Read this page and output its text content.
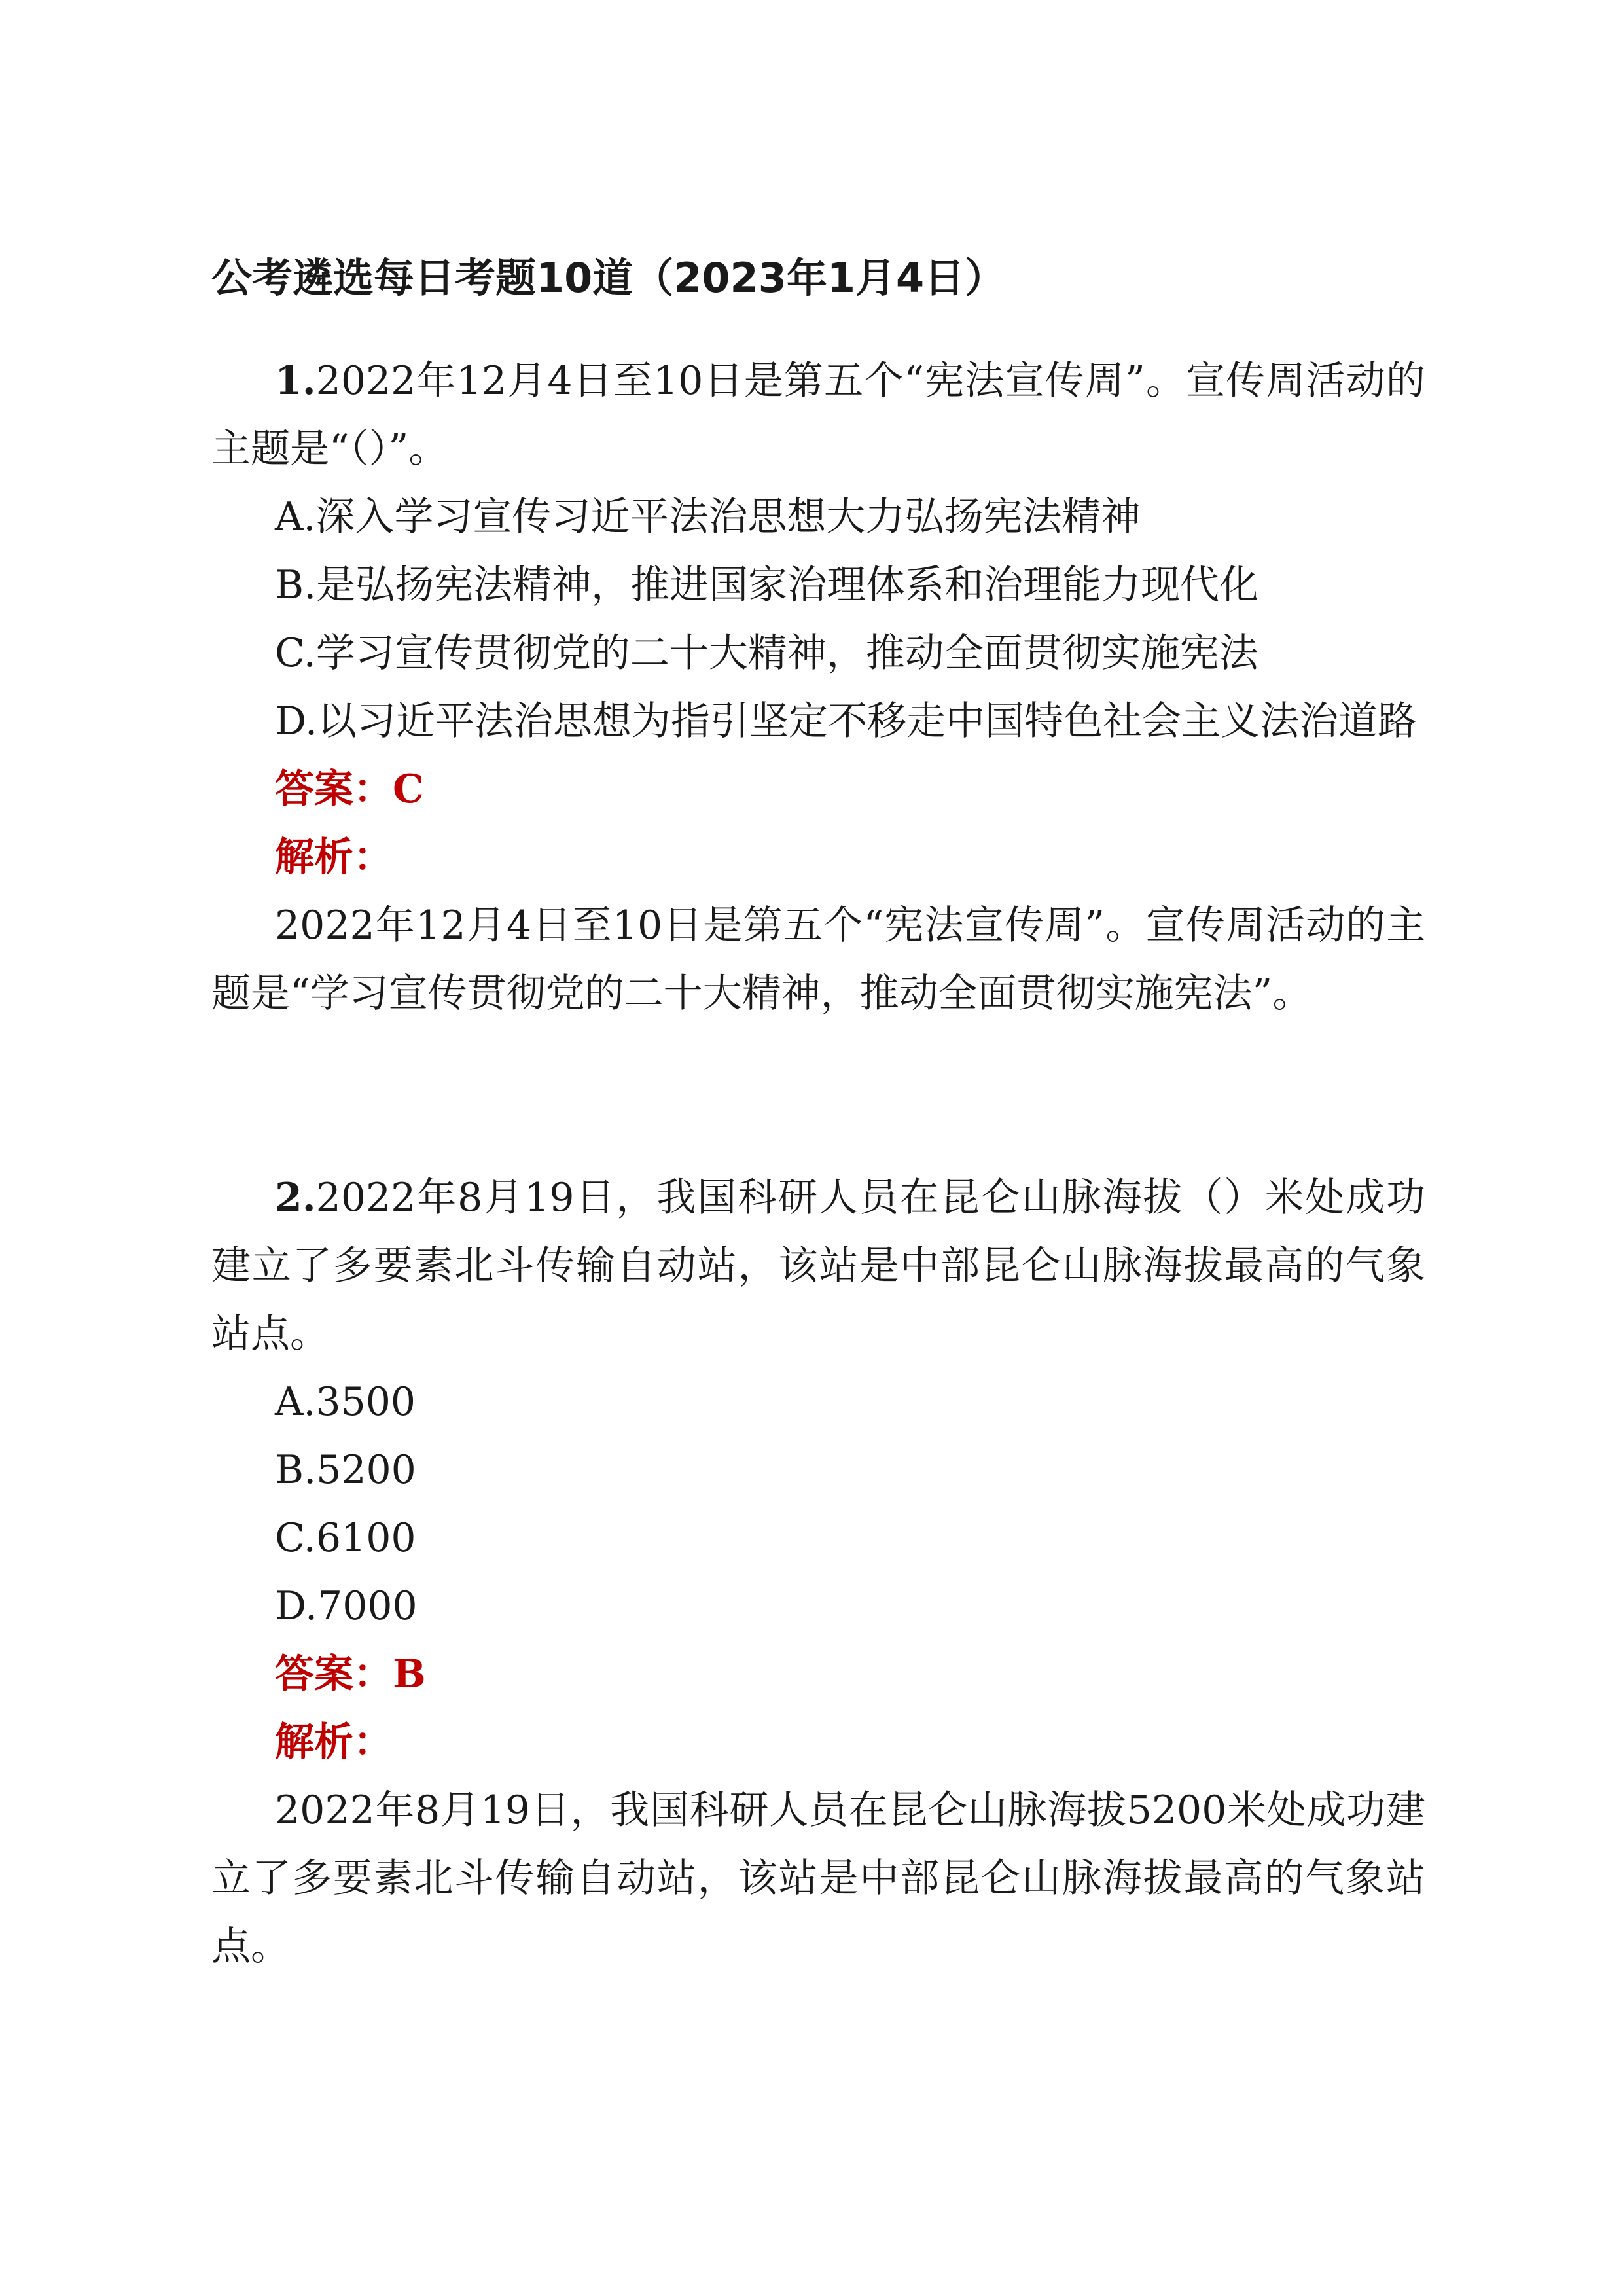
公考遴选每日考题10道（2023年1月4日）

1.2022年12月4日至10日是第五个“宪法宣传周”。宣传周活动的主题是“（）”。

A.深入学习宣传习近平法治思想大力弘扬宪法精神

B.是弘扬宪法精神，推进国家治理体系和治理能力现代化

C.学习宣传贯彻党的二十大精神，推动全面贯彻实施宪法

D.以习近平法治思想为指引坚定不移走中国特色社会主义法治道路

答案：C

解析：

2022年12月4日至10日是第五个“宪法宣传周”。宣传周活动的主题是“学习宣传贯彻党的二十大精神，推动全面贯彻实施宪法”。

2.2022年8月19日，我国科研人员在昆仑山脉海拔（）米处成功建立了多要素北斗传输自动站，该站是中部昆仑山脉海拔最高的气象站点。

A.3500

B.5200

C.6100

D.7000

答案：B

解析：

2022年8月19日，我国科研人员在昆仑山脉海拔5200米处成功建立了多要素北斗传输自动站，该站是中部昆仑山脉海拔最高的气象站点。
